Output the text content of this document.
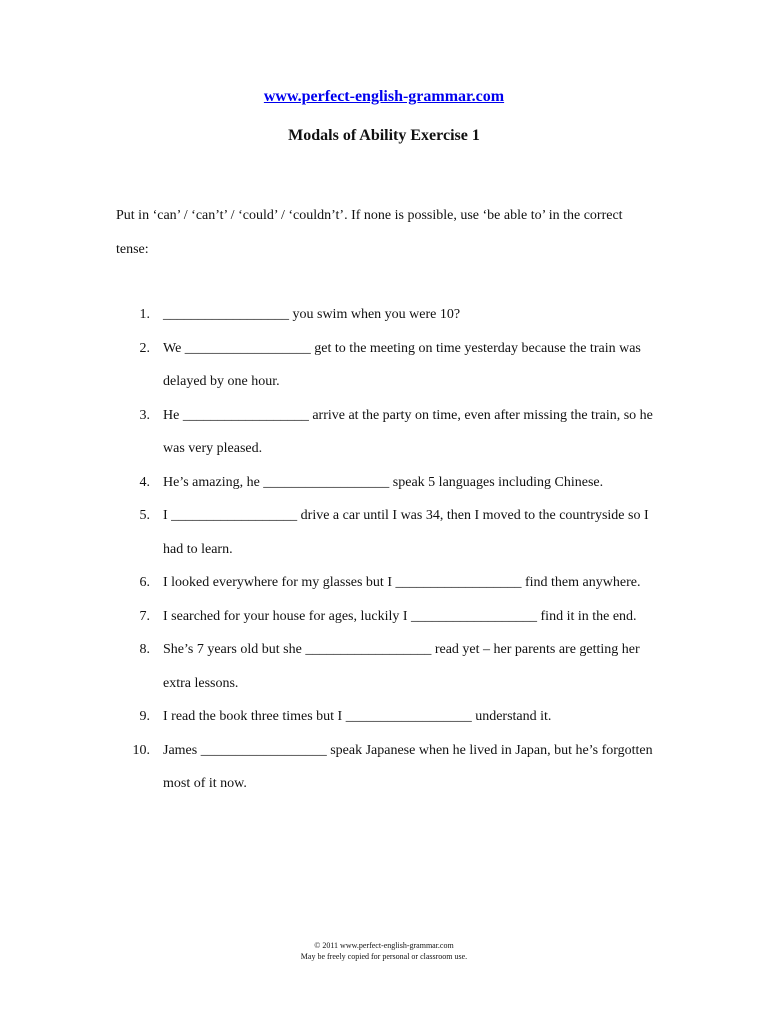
www.perfect-english-grammar.com
Modals of Ability Exercise 1
Put in ‘can’ / ‘can’t’ / ‘could’ / ‘couldn’t’. If none is possible, use ‘be able to’ in the correct tense:
1. __________________ you swim when you were 10?
2. We __________________ get to the meeting on time yesterday because the train was delayed by one hour.
3. He __________________ arrive at the party on time, even after missing the train, so he was very pleased.
4. He’s amazing, he __________________ speak 5 languages including Chinese.
5. I __________________ drive a car until I was 34, then I moved to the countryside so I had to learn.
6. I looked everywhere for my glasses but I __________________ find them anywhere.
7. I searched for your house for ages, luckily I __________________ find it in the end.
8. She’s 7 years old but she __________________ read yet – her parents are getting her extra lessons.
9. I read the book three times but I __________________ understand it.
10. James __________________ speak Japanese when he lived in Japan, but he’s forgotten most of it now.
© 2011 www.perfect-english-grammar.com
May be freely copied for personal or classroom use.
